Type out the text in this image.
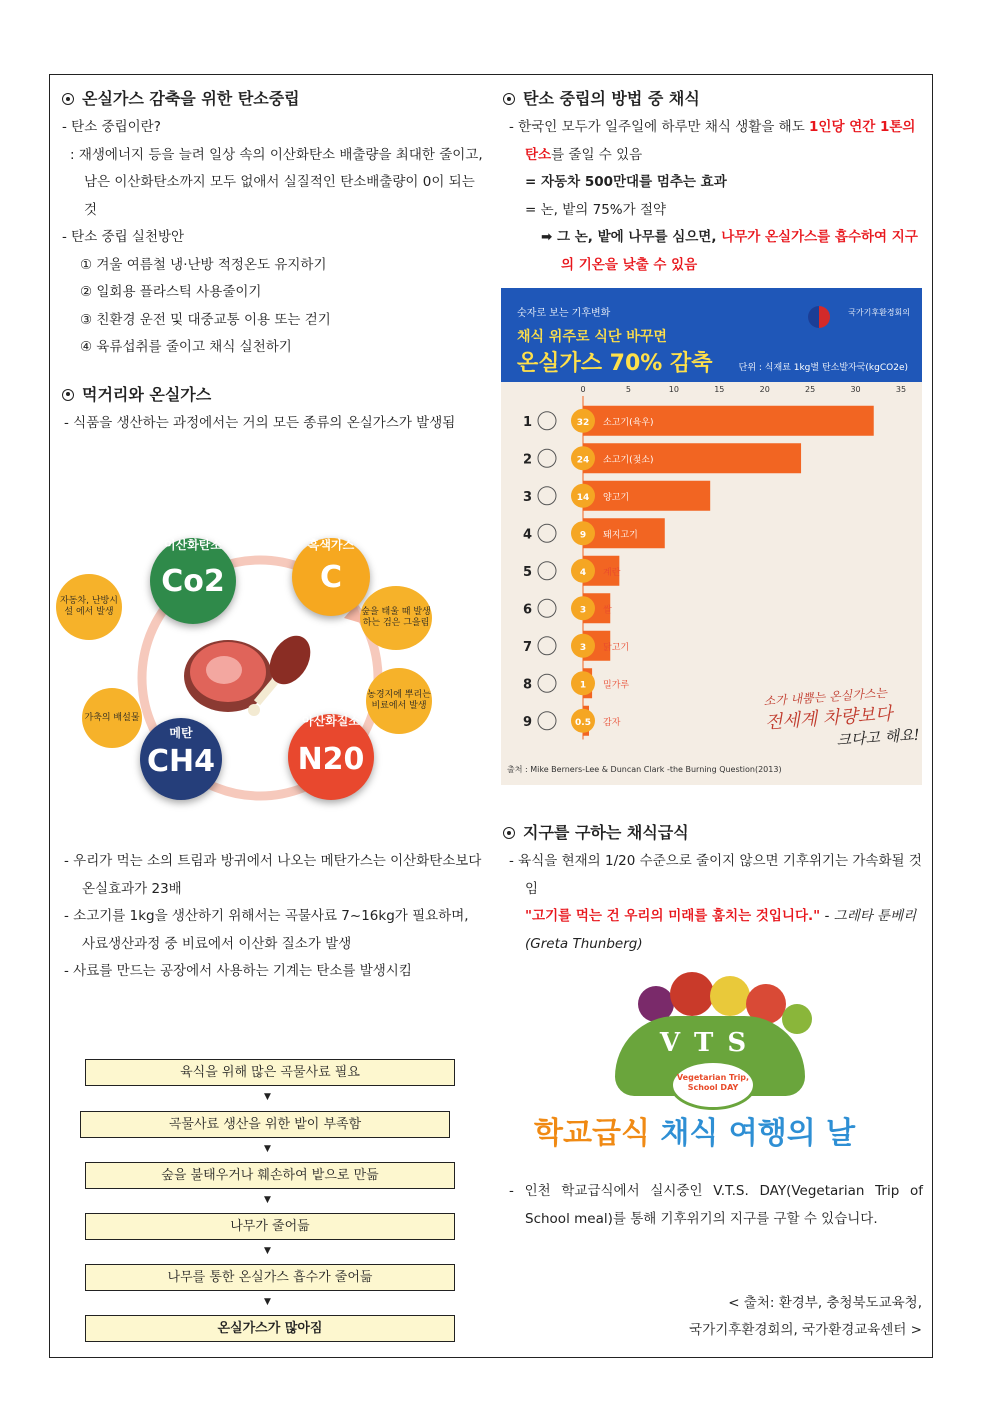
온실가스 감축을 위한 탄소중립

- 탄소 중립이란?

: 재생에너지 등을 늘려 일상 속의 이산화탄소 배출량을 최대한 줄이고, 남은 이산화탄소까지 모두 없애서 실질적인 탄소배출량이 0이 되는 것

- 탄소 중립 실천방안

① 겨울 여름철 냉·난방 적정온도 유지하기

② 일회용 플라스틱 사용줄이기

③ 친환경 운전 및 대중교통 이용 또는 걷기

④ 육류섭취를 줄이고 채식 실천하기

먹거리와 온실가스

- 식품을 생산하는 과정에서는 거의 모든 종류의 온실가스가 발생됨

이산화탄소
Co2
흑색가스
C
메탄
CH4
아산화질소
N20
자동차, 난방시설 에서 발생	숲을 태울 때 발생하는 검은 그을림
농경지에 뿌리는 비료에서 발생
가축의 배설물

- 우리가 먹는 소의 트림과 방귀에서 나오는 메탄가스는 이산화탄소보다 온실효과가 23배

- 소고기를 1kg을 생산하기 위해서는 곡물사료 7~16kg가 필요하며, 사료생산과정 중 비료에서 이산화 질소가 발생

- 사료를 만드는 공장에서 사용하는 기계는 탄소를 발생시킴

육식을 위해 많은 곡물사료 필요
▼
곡물사료 생산을 위한 밭이 부족함
▼
숲을 불태우거나 훼손하여 밭으로 만듦
▼
나무가 줄어듦
▼
나무를 통한 온실가스 흡수가 줄어듦
▼
온실가스가 많아짐
탄소 중립의 방법 중 채식

- 한국인 모두가 일주일에 하루만 채식 생활을 해도 1인당 연간 1톤의 탄소를 줄일 수 있음

= 자동차 500만대를 멈추는 효과

= 논, 밭의 75%가 절약

➡ 그 논, 밭에 나무를 심으면, 나무가 온실가스를 흡수하여 지구의 기온을 낮출 수 있음

숫자로 보는 기후변화
채식 위주로 식단 바꾸면
온실가스 70% 감축	단위 : 식재료 1kg별 탄소발자국(kgCO2e)
국가기후환경회의
0	5	10	15	20	25	30	35
1	32 소고기(육우)
2	24 소고기(젖소)
3	14 양고기
4	9 돼지고기
5	4 계란
6	3 쌀
7	3 닭고기
8	1 밀가루
9	0.5 감자
소가 내뿜는 온실가스는
전세계 차량보다
크다고 해요!
출처 : Mike Berners-Lee & Duncan Clark -the Burning Question(2013)
지구를 구하는 채식급식

- 육식을 현재의 1/20 수준으로 줄이지 않으면 기후위기는 가속화될 것임

"고기를 먹는 건 우리의 미래를 훔치는 것입니다." - 그레타 툰베리(Greta Thunberg)

VTS
Vegetarian Trip, School DAY
학교급식 채식 여행의 날

- 인천 학교급식에서 실시중인 V.T.S. DAY(Vegetarian Trip of School meal)를 통해 기후위기의 지구를 구할 수 있습니다.

< 출처: 환경부, 충청북도교육청,
국가기후환경회의, 국가환경교육센터 >
